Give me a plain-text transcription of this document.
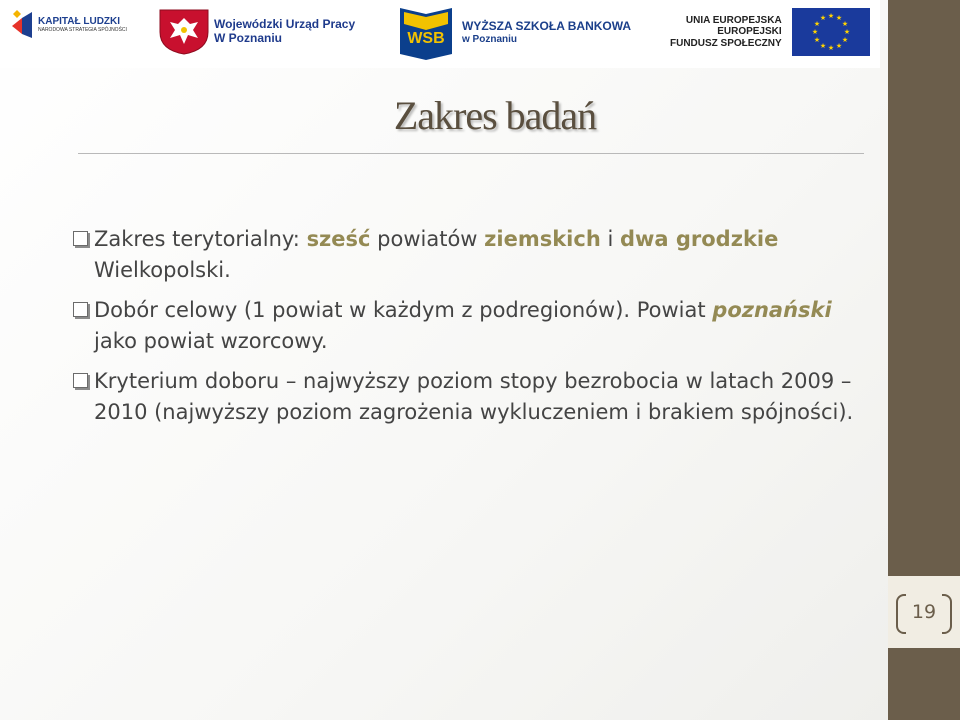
KAPITAŁ LUDZKI
NARODOWA STRATEGIA SPÓJNOŚCI	Wojewódzki Urząd Pracy
W Poznaniu	WSB
WYŻSZA SZKOŁA BANKOWA
w Poznaniu
UNIA EUROPEJSKA
EUROPEJSKI
FUNDUSZ SPOŁECZNY
★ ★
★
★
★
★
★
★
★
★
★
★
Zakres badań
Zakres terytorialny: sześć powiatów ziemskich i dwa grodzkie Wielkopolski.
Dobór celowy (1 powiat w każdym z podregionów). Powiat poznański jako powiat wzorcowy.
Kryterium doboru – najwyższy poziom stopy bezrobocia w latach 2009 – 2010 (najwyższy poziom zagrożenia wykluczeniem i brakiem spójności).
19
